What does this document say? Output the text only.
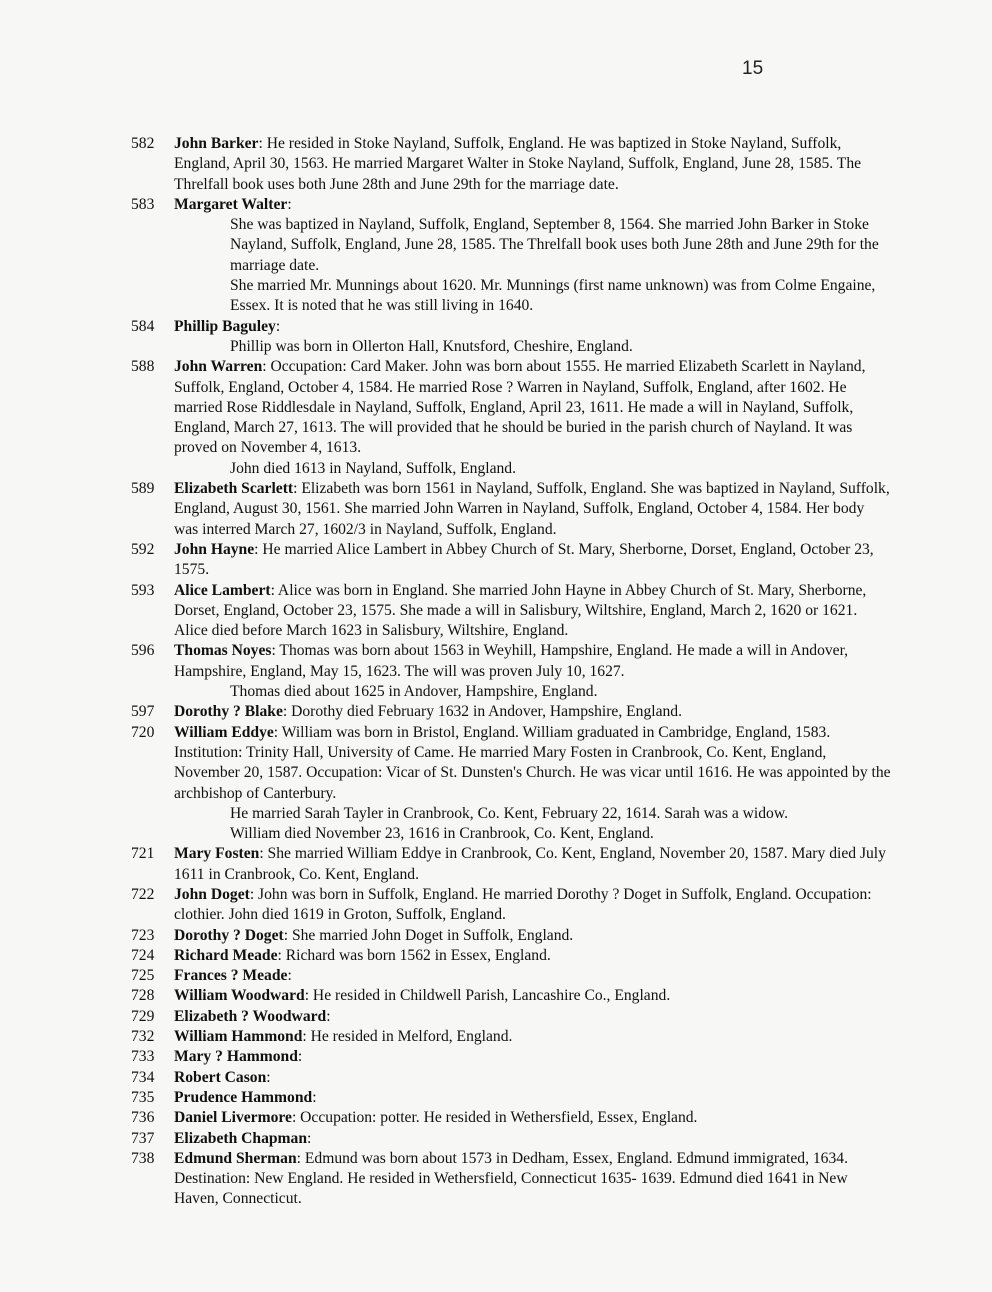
15
582	John Barker: He resided in Stoke Nayland, Suffolk, England. He was baptized in Stoke Nayland, Suffolk, England, April 30, 1563. He married Margaret Walter in Stoke Nayland, Suffolk, England, June 28, 1585. The Threlfall book uses both June 28th and June 29th for the marriage date.

583	Margaret Walter:

She was baptized in Nayland, Suffolk, England, September 8, 1564. She married John Barker in Stoke Nayland, Suffolk, England, June 28, 1585. The Threlfall book uses both June 28th and June 29th for the marriage date.

She married Mr. Munnings about 1620. Mr. Munnings (first name unknown) was from Colme Engaine, Essex. It is noted that he was still living in 1640.

584	Phillip Baguley:

Phillip was born in Ollerton Hall, Knutsford, Cheshire, England.

588	John Warren: Occupation: Card Maker. John was born about 1555. He married Elizabeth Scarlett in Nayland, Suffolk, England, October 4, 1584. He married Rose ? Warren in Nayland, Suffolk, England, after 1602. He married Rose Riddlesdale in Nayland, Suffolk, England, April 23, 1611. He made a will in Nayland, Suffolk, England, March 27, 1613. The will provided that he should be buried in the parish church of Nayland. It was proved on November 4, 1613.

John died 1613 in Nayland, Suffolk, England.

589	Elizabeth Scarlett: Elizabeth was born 1561 in Nayland, Suffolk, England. She was baptized in Nayland, Suffolk, England, August 30, 1561. She married John Warren in Nayland, Suffolk, England, October 4, 1584. Her body was interred March 27, 1602/3 in Nayland, Suffolk, England.

592	John Hayne: He married Alice Lambert in Abbey Church of St. Mary, Sherborne, Dorset, England, October 23, 1575.

593	Alice Lambert: Alice was born in England. She married John Hayne in Abbey Church of St. Mary, Sherborne, Dorset, England, October 23, 1575. She made a will in Salisbury, Wiltshire, England, March 2, 1620 or 1621. Alice died before March 1623 in Salisbury, Wiltshire, England.

596	Thomas Noyes: Thomas was born about 1563 in Weyhill, Hampshire, England. He made a will in Andover, Hampshire, England, May 15, 1623. The will was proven July 10, 1627.

Thomas died about 1625 in Andover, Hampshire, England.

597	Dorothy ? Blake: Dorothy died February 1632 in Andover, Hampshire, England.

720	William Eddye: William was born in Bristol, England. William graduated in Cambridge, England, 1583. Institution: Trinity Hall, University of Came. He married Mary Fosten in Cranbrook, Co. Kent, England, November 20, 1587. Occupation: Vicar of St. Dunsten's Church. He was vicar until 1616. He was appointed by the archbishop of Canterbury.

He married Sarah Tayler in Cranbrook, Co. Kent, February 22, 1614. Sarah was a widow.

William died November 23, 1616 in Cranbrook, Co. Kent, England.

721	Mary Fosten: She married William Eddye in Cranbrook, Co. Kent, England, November 20, 1587. Mary died July 1611 in Cranbrook, Co. Kent, England.

722	John Doget: John was born in Suffolk, England. He married Dorothy ? Doget in Suffolk, England. Occupation: clothier. John died 1619 in Groton, Suffolk, England.

723	Dorothy ? Doget: She married John Doget in Suffolk, England.

724	Richard Meade: Richard was born 1562 in Essex, England.

725	Frances ? Meade:

728	William Woodward: He resided in Childwell Parish, Lancashire Co., England.

729	Elizabeth ? Woodward:

732	William Hammond: He resided in Melford, England.

733	Mary ? Hammond:

734	Robert Cason:

735	Prudence Hammond:

736	Daniel Livermore: Occupation: potter. He resided in Wethersfield, Essex, England.

737	Elizabeth Chapman:

738	Edmund Sherman: Edmund was born about 1573 in Dedham, Essex, England. Edmund immigrated, 1634. Destination: New England. He resided in Wethersfield, Connecticut 1635- 1639. Edmund died 1641 in New Haven, Connecticut.
